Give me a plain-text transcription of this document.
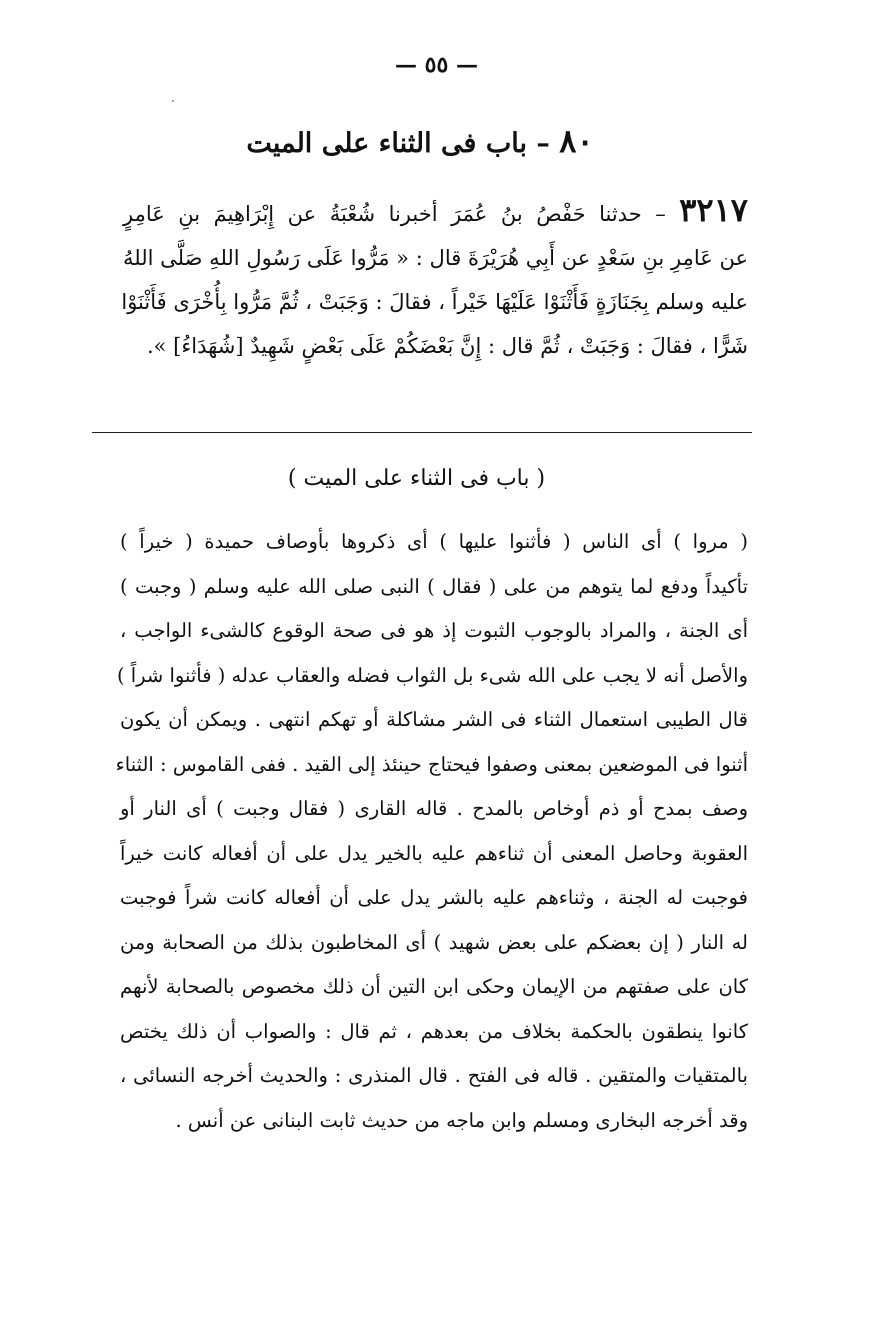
— ٥٥ —
٨٠ – باب فى الثناء على الميت
٣٢١٧ – حدثنا حَفْصُ بنُ عُمَرَ أخبرنا شُعْبَةُ عن إِبْرَاهِيمَ بنِ عَامِرٍ
عن عَامِرِ بنِ سَعْدٍ عن أَبِي هُرَيْرَةَ قال : « مَرُّوا عَلَى رَسُولِ اللهِ صَلَّى اللهُ
عليه وسلم بِجَنَازَةٍ فَأَثْنَوْا عَلَيْهَا خَيْراً ، فقالَ : وَجَبَتْ ، ثُمَّ مَرُّوا بِأُخْرَى فَأَثْنَوْا
شَرًّا ، فقالَ : وَجَبَتْ ، ثُمَّ قال : إِنَّ بَعْضَكُمْ عَلَى بَعْضٍ شَهِيدٌ [شُهَدَاءُ] ».
( باب فى الثناء على الميت )
( مروا ) أى الناس ( فأثنوا عليها ) أى ذكروها بأوصاف حميدة ( خيراً )
تأكيداً ودفع لما يتوهم من على ( فقال ) النبى صلى الله عليه وسلم ( وجبت )
أى الجنة ، والمراد بالوجوب الثبوت إذ هو فى صحة الوقوع كالشىء الواجب ،
والأصل أنه لا يجب على الله شىء بل الثواب فضله والعقاب عدله ( فأثنوا شراً )
قال الطيبى استعمال الثناء فى الشر مشاكلة أو تهكم انتهى . ويمكن أن يكون
أثنوا فى الموضعين بمعنى وصفوا فيحتاج حينئذ إلى القيد . ففى القاموس : الثناء
وصف بمدح أو ذم أوخاص بالمدح . قاله القارى ( فقال وجبت ) أى النار أو
العقوبة وحاصل المعنى أن ثناءهم عليه بالخير يدل على أن أفعاله كانت خيراً
فوجبت له الجنة ، وثناءهم عليه بالشر يدل على أن أفعاله كانت شراً فوجبت
له النار ( إن بعضكم على بعض شهيد ) أى المخاطبون بذلك من الصحابة ومن
كان على صفتهم من الإيمان وحكى ابن التين أن ذلك مخصوص بالصحابة لأنهم
كانوا ينطقون بالحكمة بخلاف من بعدهم ، ثم قال : والصواب أن ذلك يختص
بالمتقيات والمتقين . قاله فى الفتح . قال المنذرى : والحديث أخرجه النسائى ،
وقد أخرجه البخارى ومسلم وابن ماجه من حديث ثابت البنانى عن أنس .
